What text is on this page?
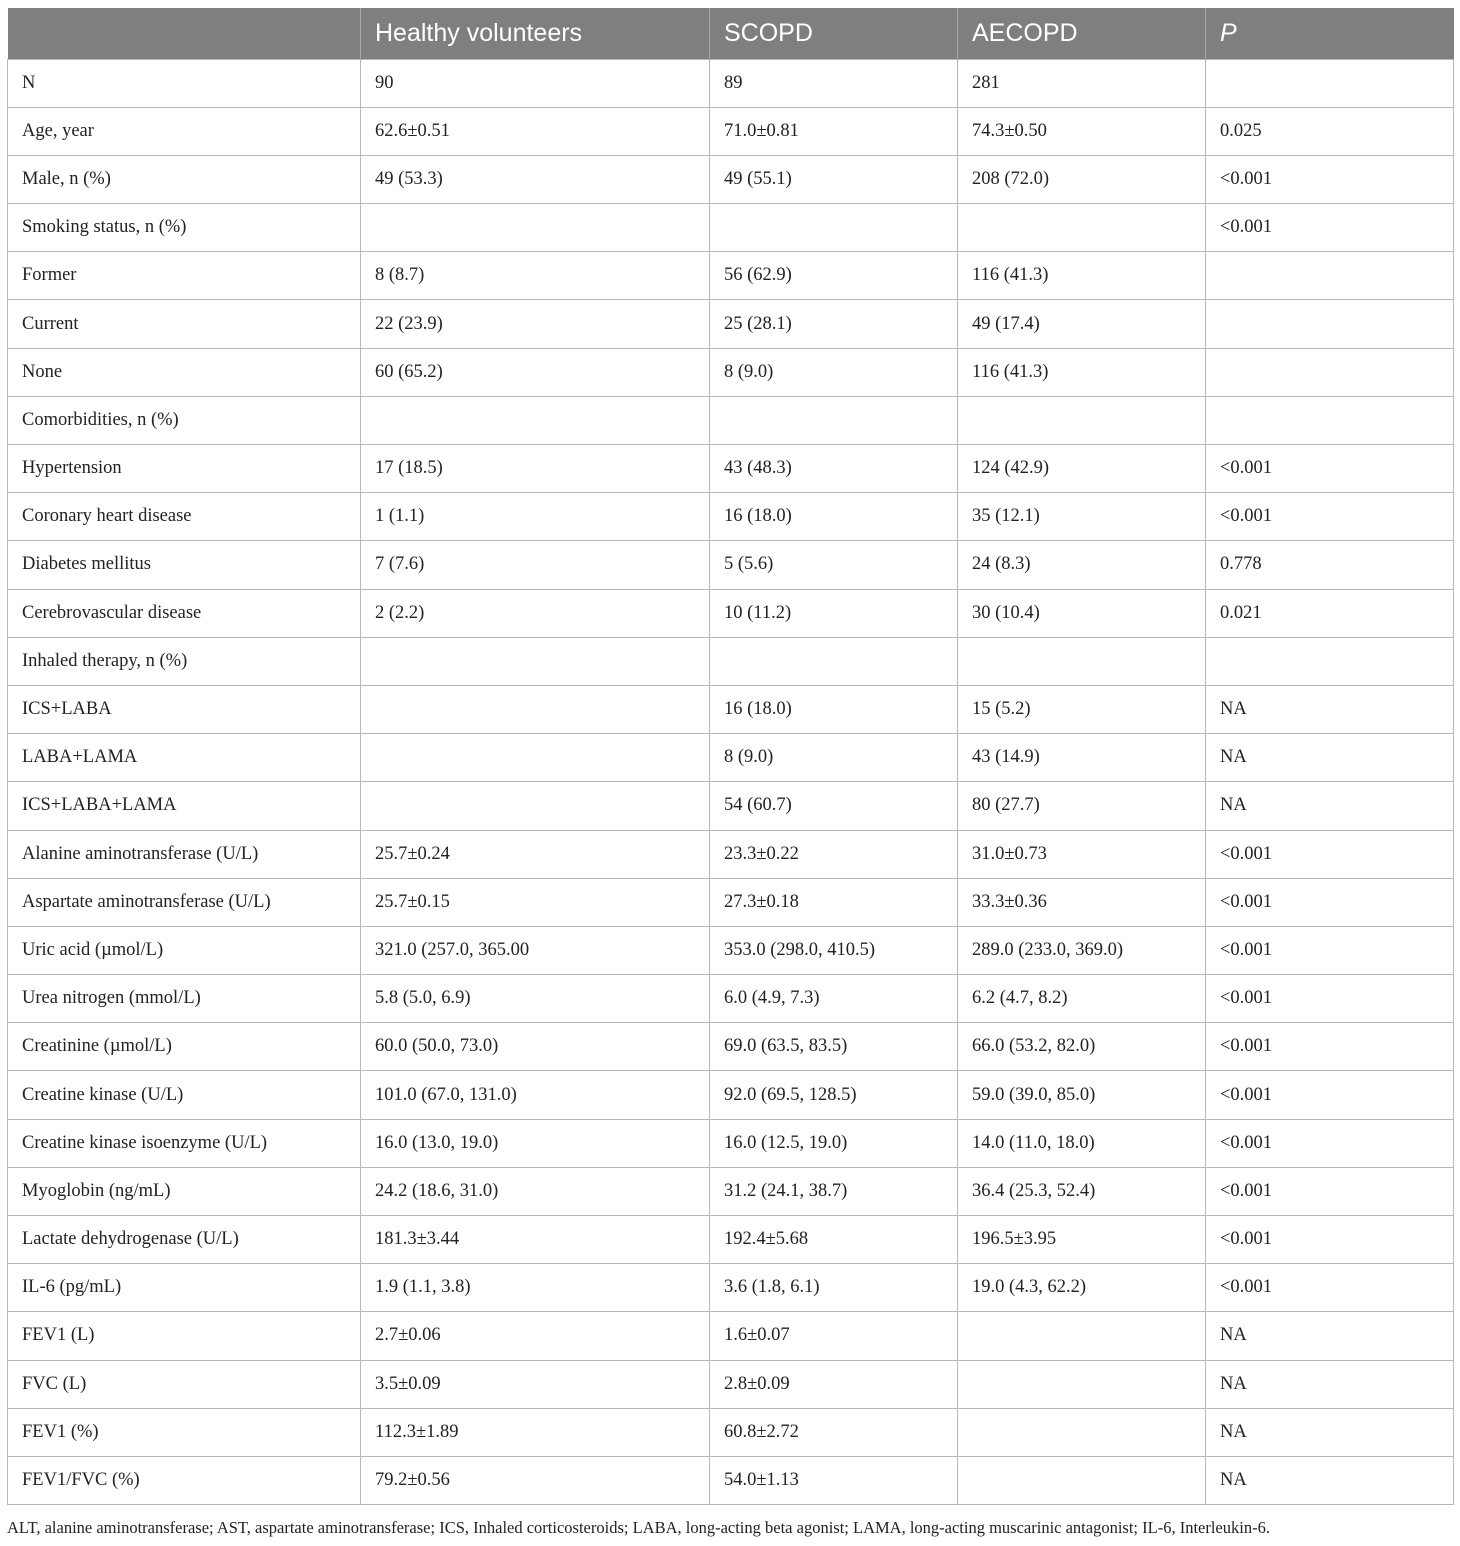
	Healthy volunteers	SCOPD	AECOPD	P
N	90	89	281	
Age, year	62.6±0.51	71.0±0.81	74.3±0.50	0.025
Male, n (%)	49 (53.3)	49 (55.1)	208 (72.0)	<0.001
Smoking status, n (%)				<0.001
Former	8 (8.7)	56 (62.9)	116 (41.3)	
Current	22 (23.9)	25 (28.1)	49 (17.4)	
None	60 (65.2)	8 (9.0)	116 (41.3)	
Comorbidities, n (%)				
Hypertension	17 (18.5)	43 (48.3)	124 (42.9)	<0.001
Coronary heart disease	1 (1.1)	16 (18.0)	35 (12.1)	<0.001
Diabetes mellitus	7 (7.6)	5 (5.6)	24 (8.3)	0.778
Cerebrovascular disease	2 (2.2)	10 (11.2)	30 (10.4)	0.021
Inhaled therapy, n (%)				
ICS+LABA		16 (18.0)	15 (5.2)	NA
LABA+LAMA		8 (9.0)	43 (14.9)	NA
ICS+LABA+LAMA		54 (60.7)	80 (27.7)	NA
Alanine aminotransferase (U/L)	25.7±0.24	23.3±0.22	31.0±0.73	<0.001
Aspartate aminotransferase (U/L)	25.7±0.15	27.3±0.18	33.3±0.36	<0.001
Uric acid (µmol/L)	321.0 (257.0, 365.00	353.0 (298.0, 410.5)	289.0 (233.0, 369.0)	<0.001
Urea nitrogen (mmol/L)	5.8 (5.0, 6.9)	6.0 (4.9, 7.3)	6.2 (4.7, 8.2)	<0.001
Creatinine (µmol/L)	60.0 (50.0, 73.0)	69.0 (63.5, 83.5)	66.0 (53.2, 82.0)	<0.001
Creatine kinase (U/L)	101.0 (67.0, 131.0)	92.0 (69.5, 128.5)	59.0 (39.0, 85.0)	<0.001
Creatine kinase isoenzyme (U/L)	16.0 (13.0, 19.0)	16.0 (12.5, 19.0)	14.0 (11.0, 18.0)	<0.001
Myoglobin (ng/mL)	24.2 (18.6, 31.0)	31.2 (24.1, 38.7)	36.4 (25.3, 52.4)	<0.001
Lactate dehydrogenase (U/L)	181.3±3.44	192.4±5.68	196.5±3.95	<0.001
IL-6 (pg/mL)	1.9 (1.1, 3.8)	3.6 (1.8, 6.1)	19.0 (4.3, 62.2)	<0.001
FEV1 (L)	2.7±0.06	1.6±0.07		NA
FVC (L)	3.5±0.09	2.8±0.09		NA
FEV1 (%)	112.3±1.89	60.8±2.72		NA
FEV1/FVC (%)	79.2±0.56	54.0±1.13		NA
ALT, alanine aminotransferase; AST, aspartate aminotransferase; ICS, Inhaled corticosteroids; LABA, long-acting beta agonist; LAMA, long-acting muscarinic antagonist; IL-6, Interleukin-6.
